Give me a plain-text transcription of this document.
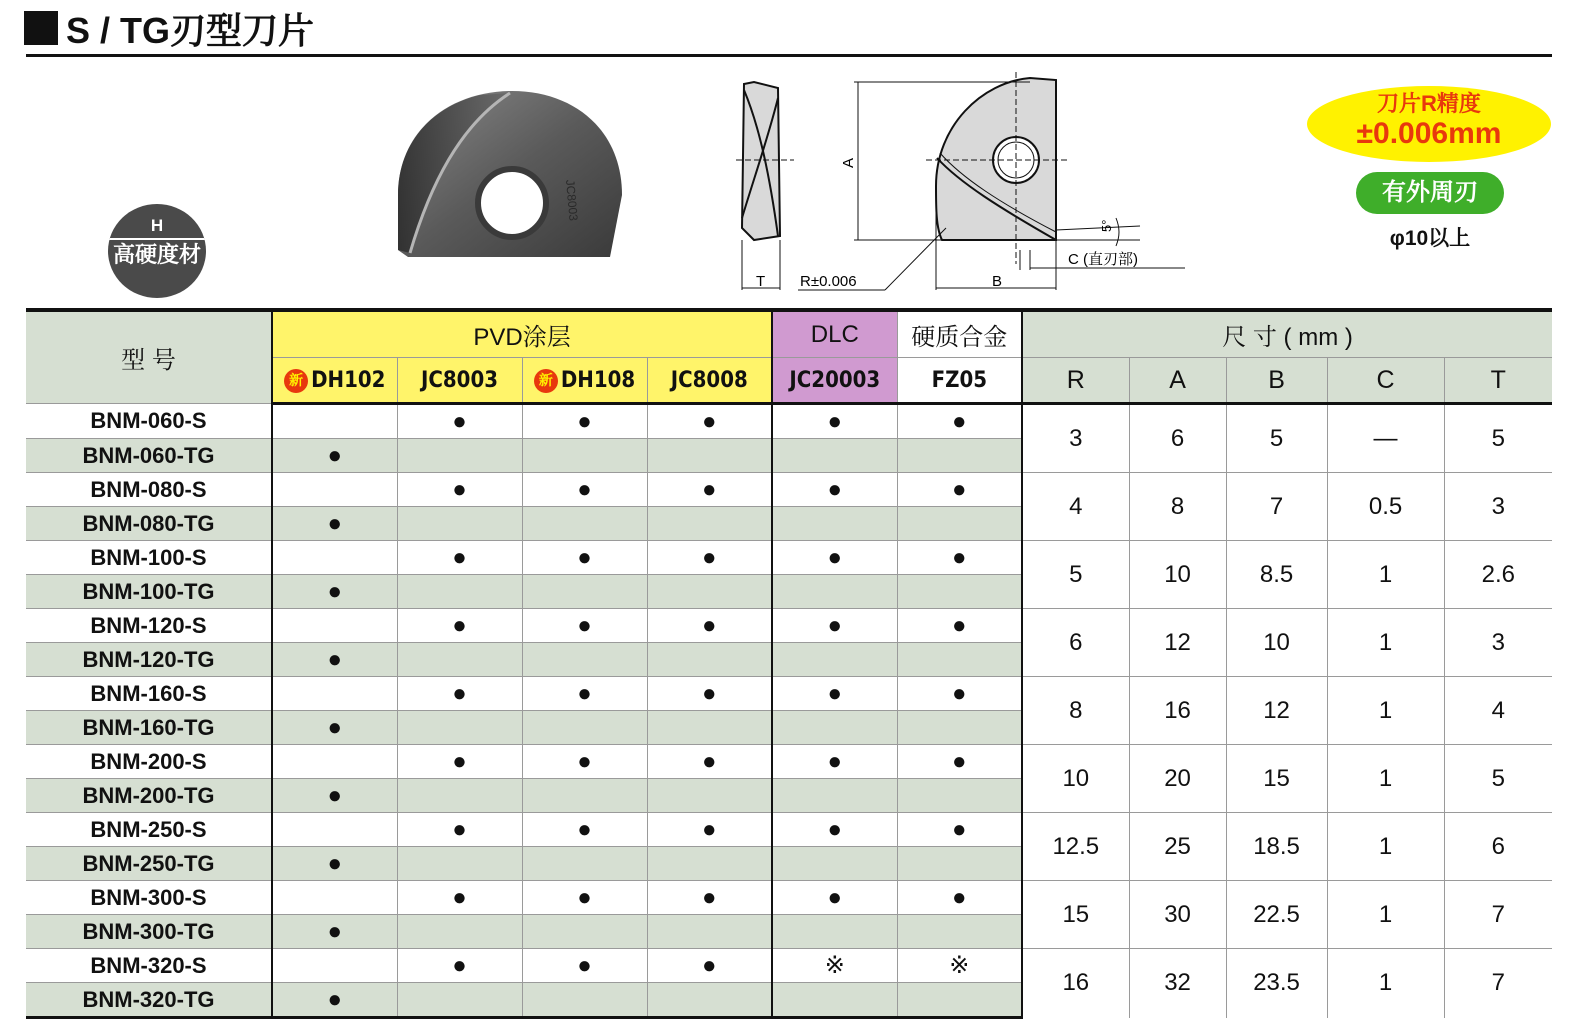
S / TG刃型刀片
H
高硬度材
JC8003
T
A
B
C (直刃部)
5°
R±0.006
刀片R精度
±0.006mm
有外周刃
φ10以上
型 号	PVD涂层				DLC	硬质合金	尺 寸 ( mm )				
	新 DH102	JC8003	新 DH108	JC8008	JC20003	FZ05	R	A	B	C	T
BNM-060-S		●	●	●	●	●	3	6	5	—	5
BNM-060-TG	●										
BNM-080-S		●	●	●	●	●	4	8	7	0.5	3
BNM-080-TG	●										
BNM-100-S		●	●	●	●	●	5	10	8.5	1	2.6
BNM-100-TG	●										
BNM-120-S		●	●	●	●	●	6	12	10	1	3
BNM-120-TG	●										
BNM-160-S		●	●	●	●	●	8	16	12	1	4
BNM-160-TG	●										
BNM-200-S		●	●	●	●	●	10	20	15	1	5
BNM-200-TG	●										
BNM-250-S		●	●	●	●	●	12.5	25	18.5	1	6
BNM-250-TG	●										
BNM-300-S		●	●	●	●	●	15	30	22.5	1	7
BNM-300-TG	●										
BNM-320-S		●	●	●	※	※	16	32	23.5	1	7
BNM-320-TG	●										
